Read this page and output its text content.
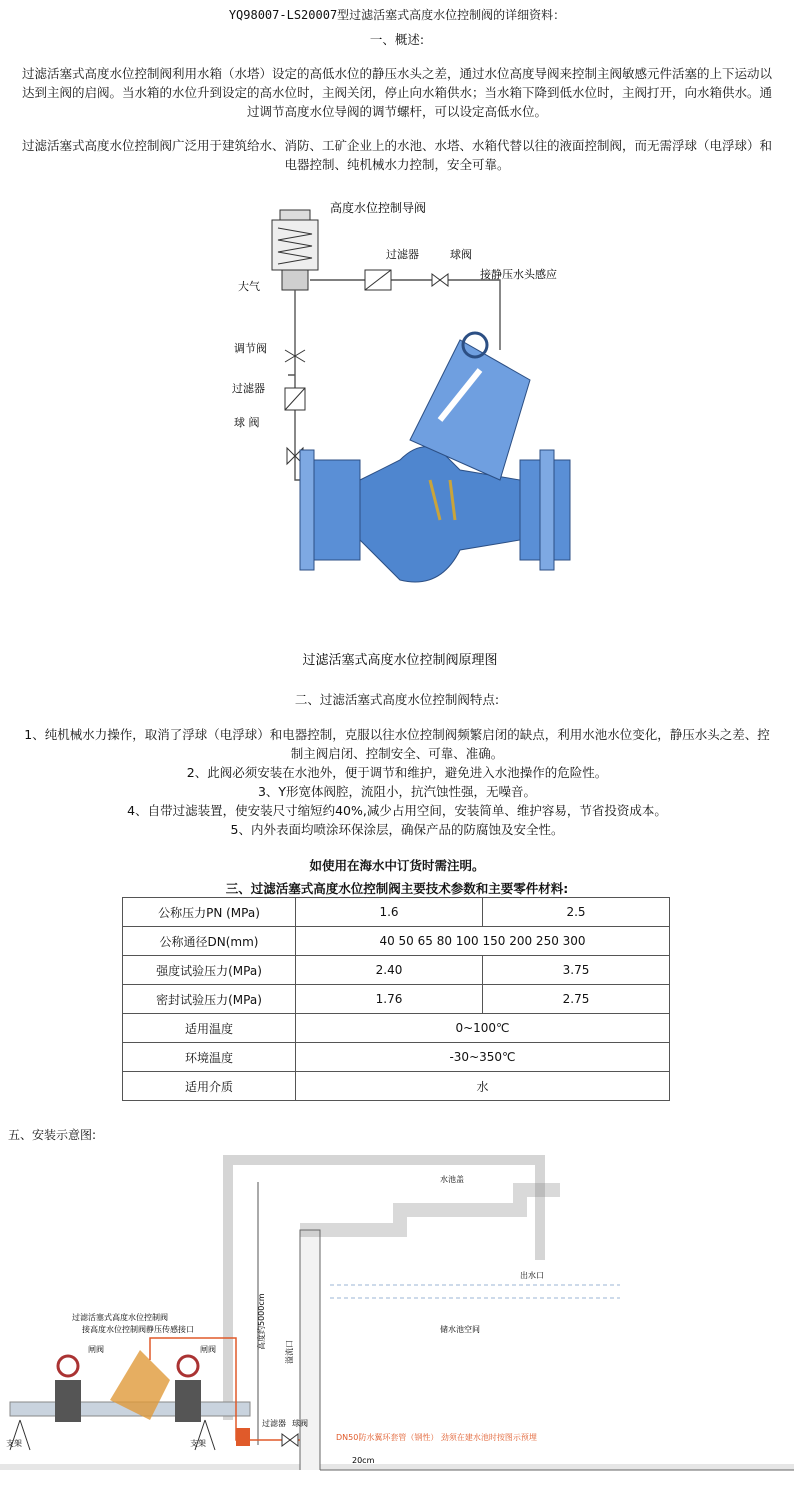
YQ98007-LS20007型过滤活塞式高度水位控制阀的详细资料：
一、概述:
过滤活塞式高度水位控制阀利用水箱（水塔）设定的高低水位的静压水头之差，通过水位高度导阀来控制主阀敏感元件活塞的上下运动以
达到主阀的启阀。当水箱的水位升到设定的高水位时，主阀关闭，停止向水箱供水；当水箱下降到低水位时，主阀打开，向水箱供水。通
过调节高度水位导阀的调节螺杆，可以设定高低水位。
过滤活塞式高度水位控制阀广泛用于建筑给水、消防、工矿企业上的水池、水塔、水箱代替以往的液面控制阀，而无需浮球（电浮球）和
电器控制、纯机械水力控制，安全可靠。
高度水位控制导阀
过滤器	球阀
接静压水头感应
大气
调节阀
过滤器
球 阀
过滤活塞式高度水位控制阀原理图
二、过滤活塞式高度水位控制阀特点:
1、纯机械水力操作，取消了浮球（电浮球）和电器控制，克服以往水位控制阀频繁启闭的缺点，利用水池水位变化，静压水头之差、控
制主阀启闭、控制安全、可靠、准确。
2、此阀必须安装在水池外，便于调节和维护，避免进入水池操作的危险性。
3、Y形宽体阀腔，流阻小，抗汽蚀性强，无噪音。
4、自带过滤装置，使安装尺寸缩短约40%,减少占用空间，安装简单、维护容易，节省投资成本。
5、内外表面均喷涂环保涂层，确保产品的防腐蚀及安全性。
如使用在海水中订货时需注明。
三、过滤活塞式高度水位控制阀主要技术参数和主要零件材料:
公称压力PN (MPa)	1.6	2.5
公称通径DN(mm)	40 50 65 80 100 150 200 250 300	
强度试验压力(MPa)	2.40	3.75
密封试验压力(MPa)	1.76	2.75
适用温度	0~100℃	
环境温度	-30~350℃	
适用介质	水	
五、安装示意图:
过滤活塞式高度水位控制阀
接高度水位控制阀静压传感接口
闸阀	闸阀	高度约5000cm
水池盖
出水口
储水池空间
溢流口
过滤器 球阀
DN50防水翼环套管（钢性） 劲须在建水池时按图示预埋
20cm
支架	支架
